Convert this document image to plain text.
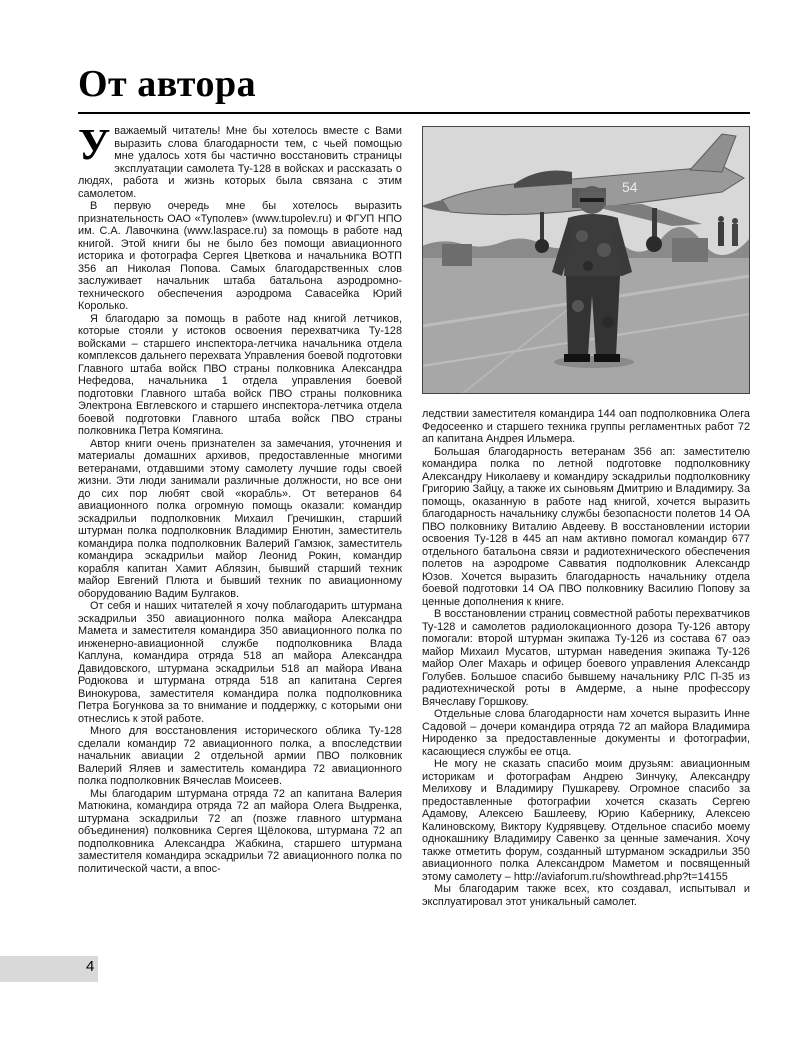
От автора
54

Уважаемый читатель! Мне бы хотелось вместе с Вами выразить слова благодарности тем, с чьей помощью мне удалось хотя бы частично восстановить страницы эксплуатации самолета Ту-128 в войсках и рассказать о людях, работа и жизнь которых была связана с этим самолетом.

В первую очередь мне бы хотелось выразить признательность ОАО «Туполев» (www.tupolev.ru) и ФГУП НПО им. С.А. Лавочкина (www.laspace.ru) за помощь в работе над книгой. Этой книги бы не было без помощи авиационного историка и фотографа Сергея Цветкова и начальника ВОТП 356 ап Николая Попова. Самых благодарственных слов заслуживает начальник штаба батальона аэродромно-технического обеспечения аэродрома Савасейка Юрий Королько.

Я благодарю за помощь в работе над книгой летчиков, которые стояли у истоков освоения перехватчика Ту-128 войсками – старшего инспектора-летчика начальника отдела комплексов дальнего перехвата Управления боевой подготовки Главного штаба войск ПВО страны полковника Александра Нефедова, начальника 1 отдела управления боевой подготовки Главного штаба войск ПВО страны полковника Электрона Евглевского и старшего инспектора-летчика отдела боевой подготовки Главного штаба войск ПВО страны полковника Петра Комягина.

Автор книги очень признателен за замечания, уточнения и материалы домашних архивов, предоставленные многими ветеранами, отдавшими этому самолету лучшие годы своей жизни. Эти люди занимали различные должности, но все они до сих пор любят свой «корабль». От ветеранов 64 авиационного полка огромную помощь оказали: командир эскадрильи подполковник Михаил Гречишкин, старший штурман полка подполковник Владимир Енютин, заместитель командира полка подполковник Валерий Гамзюк, заместитель командира эскадрильи майор Леонид Рокин, командир корабля капитан Хамит Аблязин, бывший старший техник майор Евгений Плюта и бывший техник по авиационному оборудованию Вадим Булгаков.

От себя и наших читателей я хочу поблагодарить штурмана эскадрильи 350 авиационного полка майора Александра Мамета и заместителя командира 350 авиационного полка по инженерно-авиационной службе подполковника Влада Каплуна, командира отряда 518 ап майора Александра Давидовского, штурмана эскадрильи 518 ап майора Ивана Родюкова и штурмана отряда 518 ап капитана Сергея Винокурова, заместителя командира полка подполковника Петра Богункова за то внимание и поддержку, с которыми они отнеслись к этой работе.

Много для восстановления исторического облика Ту-128 сделали командир 72 авиационного полка, а впоследствии начальник авиации 2 отдельной армии ПВО полковник Валерий Яляев и заместитель командира 72 авиационного полка подполковник Вячеслав Моисеев.

Мы благодарим штурмана отряда 72 ап капитана Валерия Матюкина, командира отряда 72 ап майора Олега Выдренка, штурмана эскадрильи 72 ап (позже главного штурмана объединения) полковника Сергея Щёлокова, штурмана 72 ап подполковника Александра Жабкина, старшего штурмана заместителя командира эскадрильи 72 авиационного полка по политической части, а впос-

ледствии заместителя командира 144 оап подполковника Олега Федосеенко и старшего техника группы регламентных работ 72 ап капитана Андрея Ильмера.

Большая благодарность ветеранам 356 ап: заместителю командира полка по летной подготовке подполковнику Александру Николаеву и командиру эскадрильи подполковнику Григорию Зайцу, а также их сыновьям Дмитрию и Владимиру. За помощь, оказанную в работе над книгой, хочется выразить благодарность начальнику службы безопасности полетов 14 ОА ПВО полковнику Виталию Авдееву. В восстановлении истории освоения Ту-128 в 445 ап нам активно помогал командир 677 отдельного батальона связи и радиотехнического обеспечения полетов на аэродроме Савватия подполковник Александр Юзов. Хочется выразить благодарность начальнику отдела боевой подготовки 14 ОА ПВО полковнику Василию Попову за ценные дополнения к книге.

В восстановлении страниц совместной работы перехватчиков Ту-128 и самолетов радиолокационного дозора Ту-126 автору помогали: второй штурман экипажа Ту-126 из состава 67 оаэ майор Михаил Мусатов, штурман наведения экипажа Ту-126 майор Олег Махарь и офицер боевого управления Александр Голубев. Большое спасибо бывшему начальнику РЛС П-35 из радиотехнической роты в Амдерме, а ныне профессору Вячеславу Горшкову.

Отдельные слова благодарности нам хочется выразить Инне Садовой – дочери командира отряда 72 ап майора Владимира Нироденко за предоставленные документы и фотографии, касающиеся службы ее отца.

Не могу не сказать спасибо моим друзьям: авиационным историкам и фотографам Андрею Зинчуку, Александру Мелихову и Владимиру Пушкареву. Огромное спасибо за предоставленные фотографии хочется сказать Сергею Адамову, Алексею Башлееву, Юрию Кабернику, Алексею Калиновскому, Виктору Кудрявцеву. Отдельное спасибо моему однокашнику Владимиру Савенко за ценные замечания. Хочу также отметить форум, созданный штурманом эскадрильи 350 авиационного полка Александром Маметом и посвященный этому самолету – http://aviaforum.ru/showthread.php?t=14155

Мы благодарим также всех, кто создавал, испытывал и эксплуатировал этот уникальный самолет.

4
